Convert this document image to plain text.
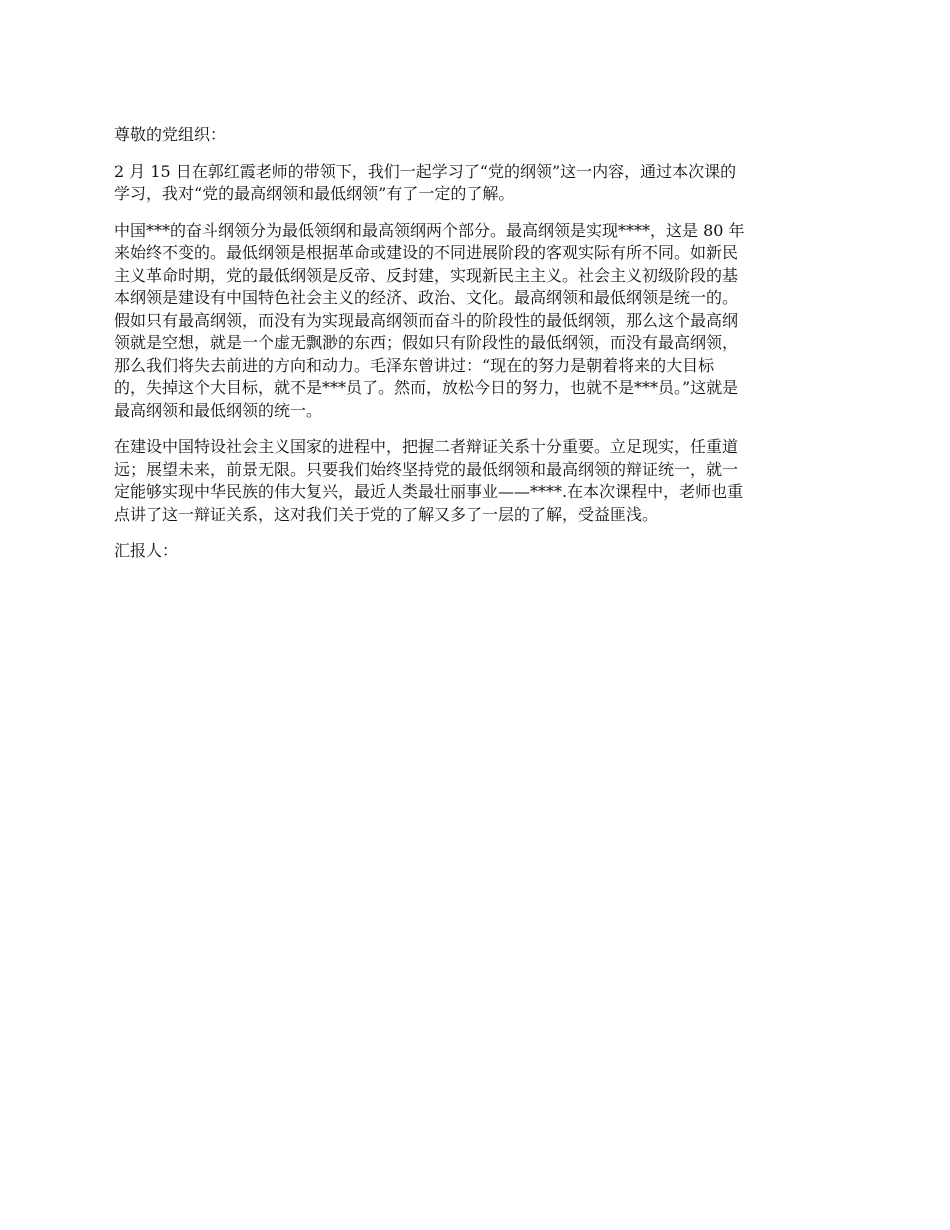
尊敬的党组织：

2 月 15 日在郭红霞老师的带领下，我们一起学习了“党的纲领”这一内容，通过本次课的
学习，我对“党的最高纲领和最低纲领”有了一定的了解。

中国***的奋斗纲领分为最低领纲和最高领纲两个部分。最高纲领是实现****，这是 80 年
来始终不变的。最低纲领是根据革命或建设的不同进展阶段的客观实际有所不同。如新民
主义革命时期，党的最低纲领是反帝、反封建，实现新民主主义。社会主义初级阶段的基
本纲领是建设有中国特色社会主义的经济、政治、文化。最高纲领和最低纲领是统一的。
假如只有最高纲领，而没有为实现最高纲领而奋斗的阶段性的最低纲领，那么这个最高纲
领就是空想，就是一个虚无飘渺的东西；假如只有阶段性的最低纲领，而没有最高纲领，
那么我们将失去前进的方向和动力。毛泽东曾讲过：“现在的努力是朝着将来的大目标
的，失掉这个大目标，就不是***员了。然而，放松今日的努力，也就不是***员。”这就是
最高纲领和最低纲领的统一。

在建设中国特设社会主义国家的进程中，把握二者辩证关系十分重要。立足现实，任重道
远；展望未来，前景无限。只要我们始终坚持党的最低纲领和最高纲领的辩证统一，就一
定能够实现中华民族的伟大复兴，最近人类最壮丽事业——****.在本次课程中，老师也重
点讲了这一辩证关系，这对我们关于党的了解又多了一层的了解，受益匪浅。

汇报人：
